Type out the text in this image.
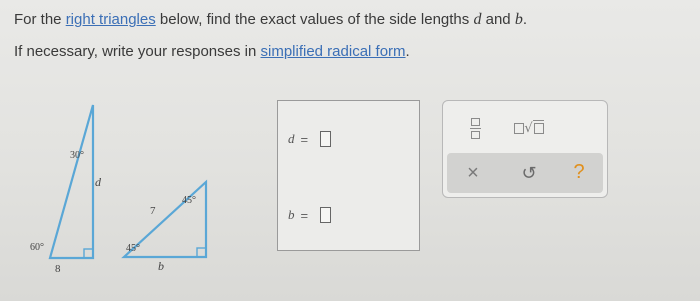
For the right triangles below, find the exact values of the side lengths d and b.

If necessary, write your responses in simplified radical form.

30°
60°
d
8
45°
45°
7
b
d =
b =
√
×	↺	?
